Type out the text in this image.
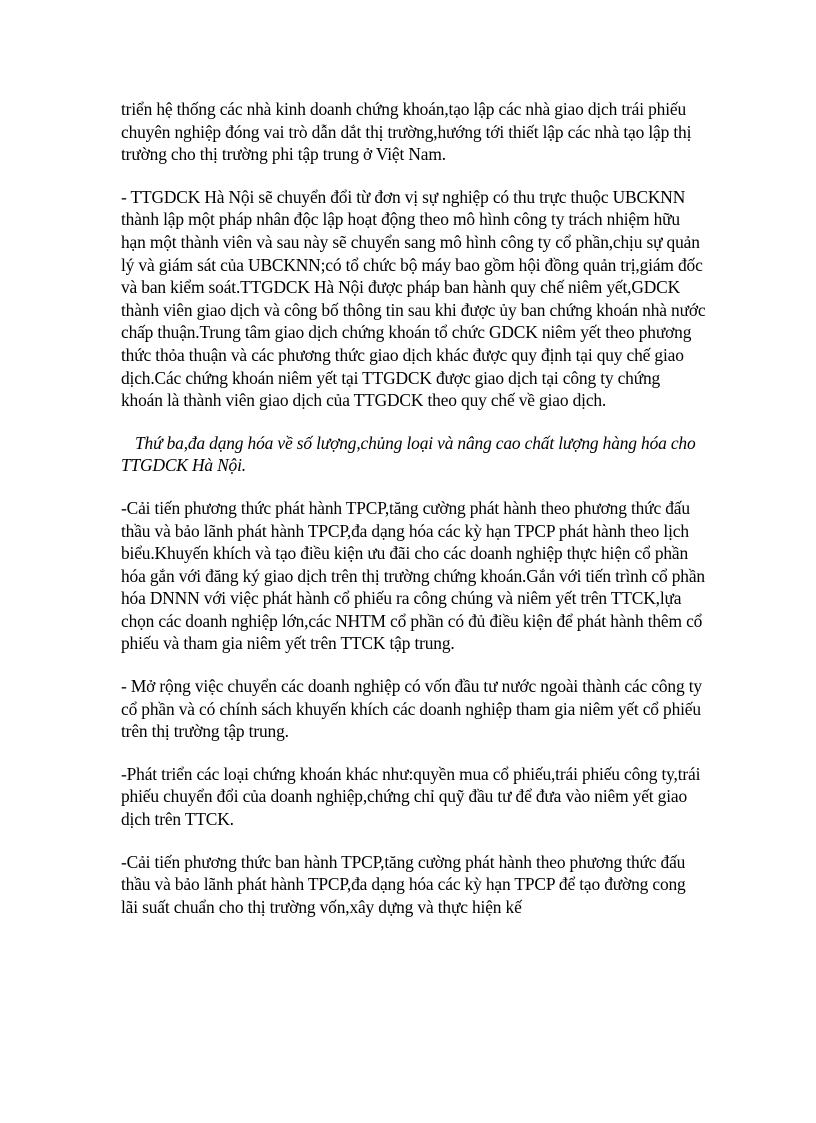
triển hệ thống các nhà kinh doanh chứng khoán,tạo lập các nhà giao dịch trái phiếu chuyên nghiệp đóng vai trò dẫn dắt thị trường,hướng tới thiết lập các nhà tạo lập thị trường cho thị trường phi tập trung ở Việt Nam.

- TTGDCK Hà Nội sẽ chuyển đổi từ đơn vị sự nghiệp có thu trực thuộc UBCKNN thành lập một pháp nhân độc lập hoạt động theo mô hình công ty trách nhiệm hữu hạn một thành viên và sau này sẽ chuyển sang mô hình công ty cổ phần,chịu sự quản lý và giám sát của UBCKNN;có tổ chức bộ máy bao gồm hội đồng quản trị,giám đốc và ban kiểm soát.TTGDCK Hà Nội được pháp ban hành quy chế niêm yết,GDCK thành viên giao dịch và công bố thông tin sau khi được ủy ban chứng khoán nhà nước chấp thuận.Trung tâm giao dịch chứng khoán tổ chức GDCK niêm yết theo phương thức thỏa thuận và các phương thức giao dịch khác được quy định tại quy chế giao dịch.Các chứng khoán niêm yết tại TTGDCK được giao dịch tại công ty chứng khoán là thành viên giao dịch của TTGDCK theo quy chế về giao dịch.

Thứ ba,đa dạng hóa về số lượng,chủng loại và nâng cao chất lượng hàng hóa cho TTGDCK Hà Nội.

-Cải tiến phương thức phát hành TPCP,tăng cường phát hành theo phương thức đấu thầu và bảo lãnh phát hành TPCP,đa dạng hóa các kỳ hạn TPCP phát hành theo lịch biểu.Khuyến khích và tạo điều kiện ưu đãi cho các doanh nghiệp thực hiện cổ phần hóa gắn với đăng ký giao dịch trên thị trường chứng khoán.Gắn với tiến trình cổ phần hóa DNNN với việc phát hành cổ phiếu ra công chúng và niêm yết trên TTCK,lựa chọn các doanh nghiệp lớn,các NHTM cổ phần có đủ điều kiện để phát hành thêm cổ phiếu và tham gia niêm yết trên TTCK tập trung.

- Mở rộng việc chuyển các doanh nghiệp có vốn đầu tư nước ngoài thành các công ty cổ phần và có chính sách khuyến khích các doanh nghiệp tham gia niêm yết cổ phiếu trên thị trường tập trung.

-Phát triển các loại chứng khoán khác như:quyền mua cổ phiếu,trái phiếu công ty,trái phiếu chuyển đổi của doanh nghiệp,chứng chỉ quỹ đầu tư để đưa vào niêm yết giao dịch trên TTCK.

-Cải tiến phương thức ban hành TPCP,tăng cường phát hành theo phương thức đấu thầu và bảo lãnh phát hành TPCP,đa dạng hóa các kỳ hạn TPCP để tạo đường cong lãi suất chuẩn cho thị trường vốn,xây dựng và thực hiện kế
